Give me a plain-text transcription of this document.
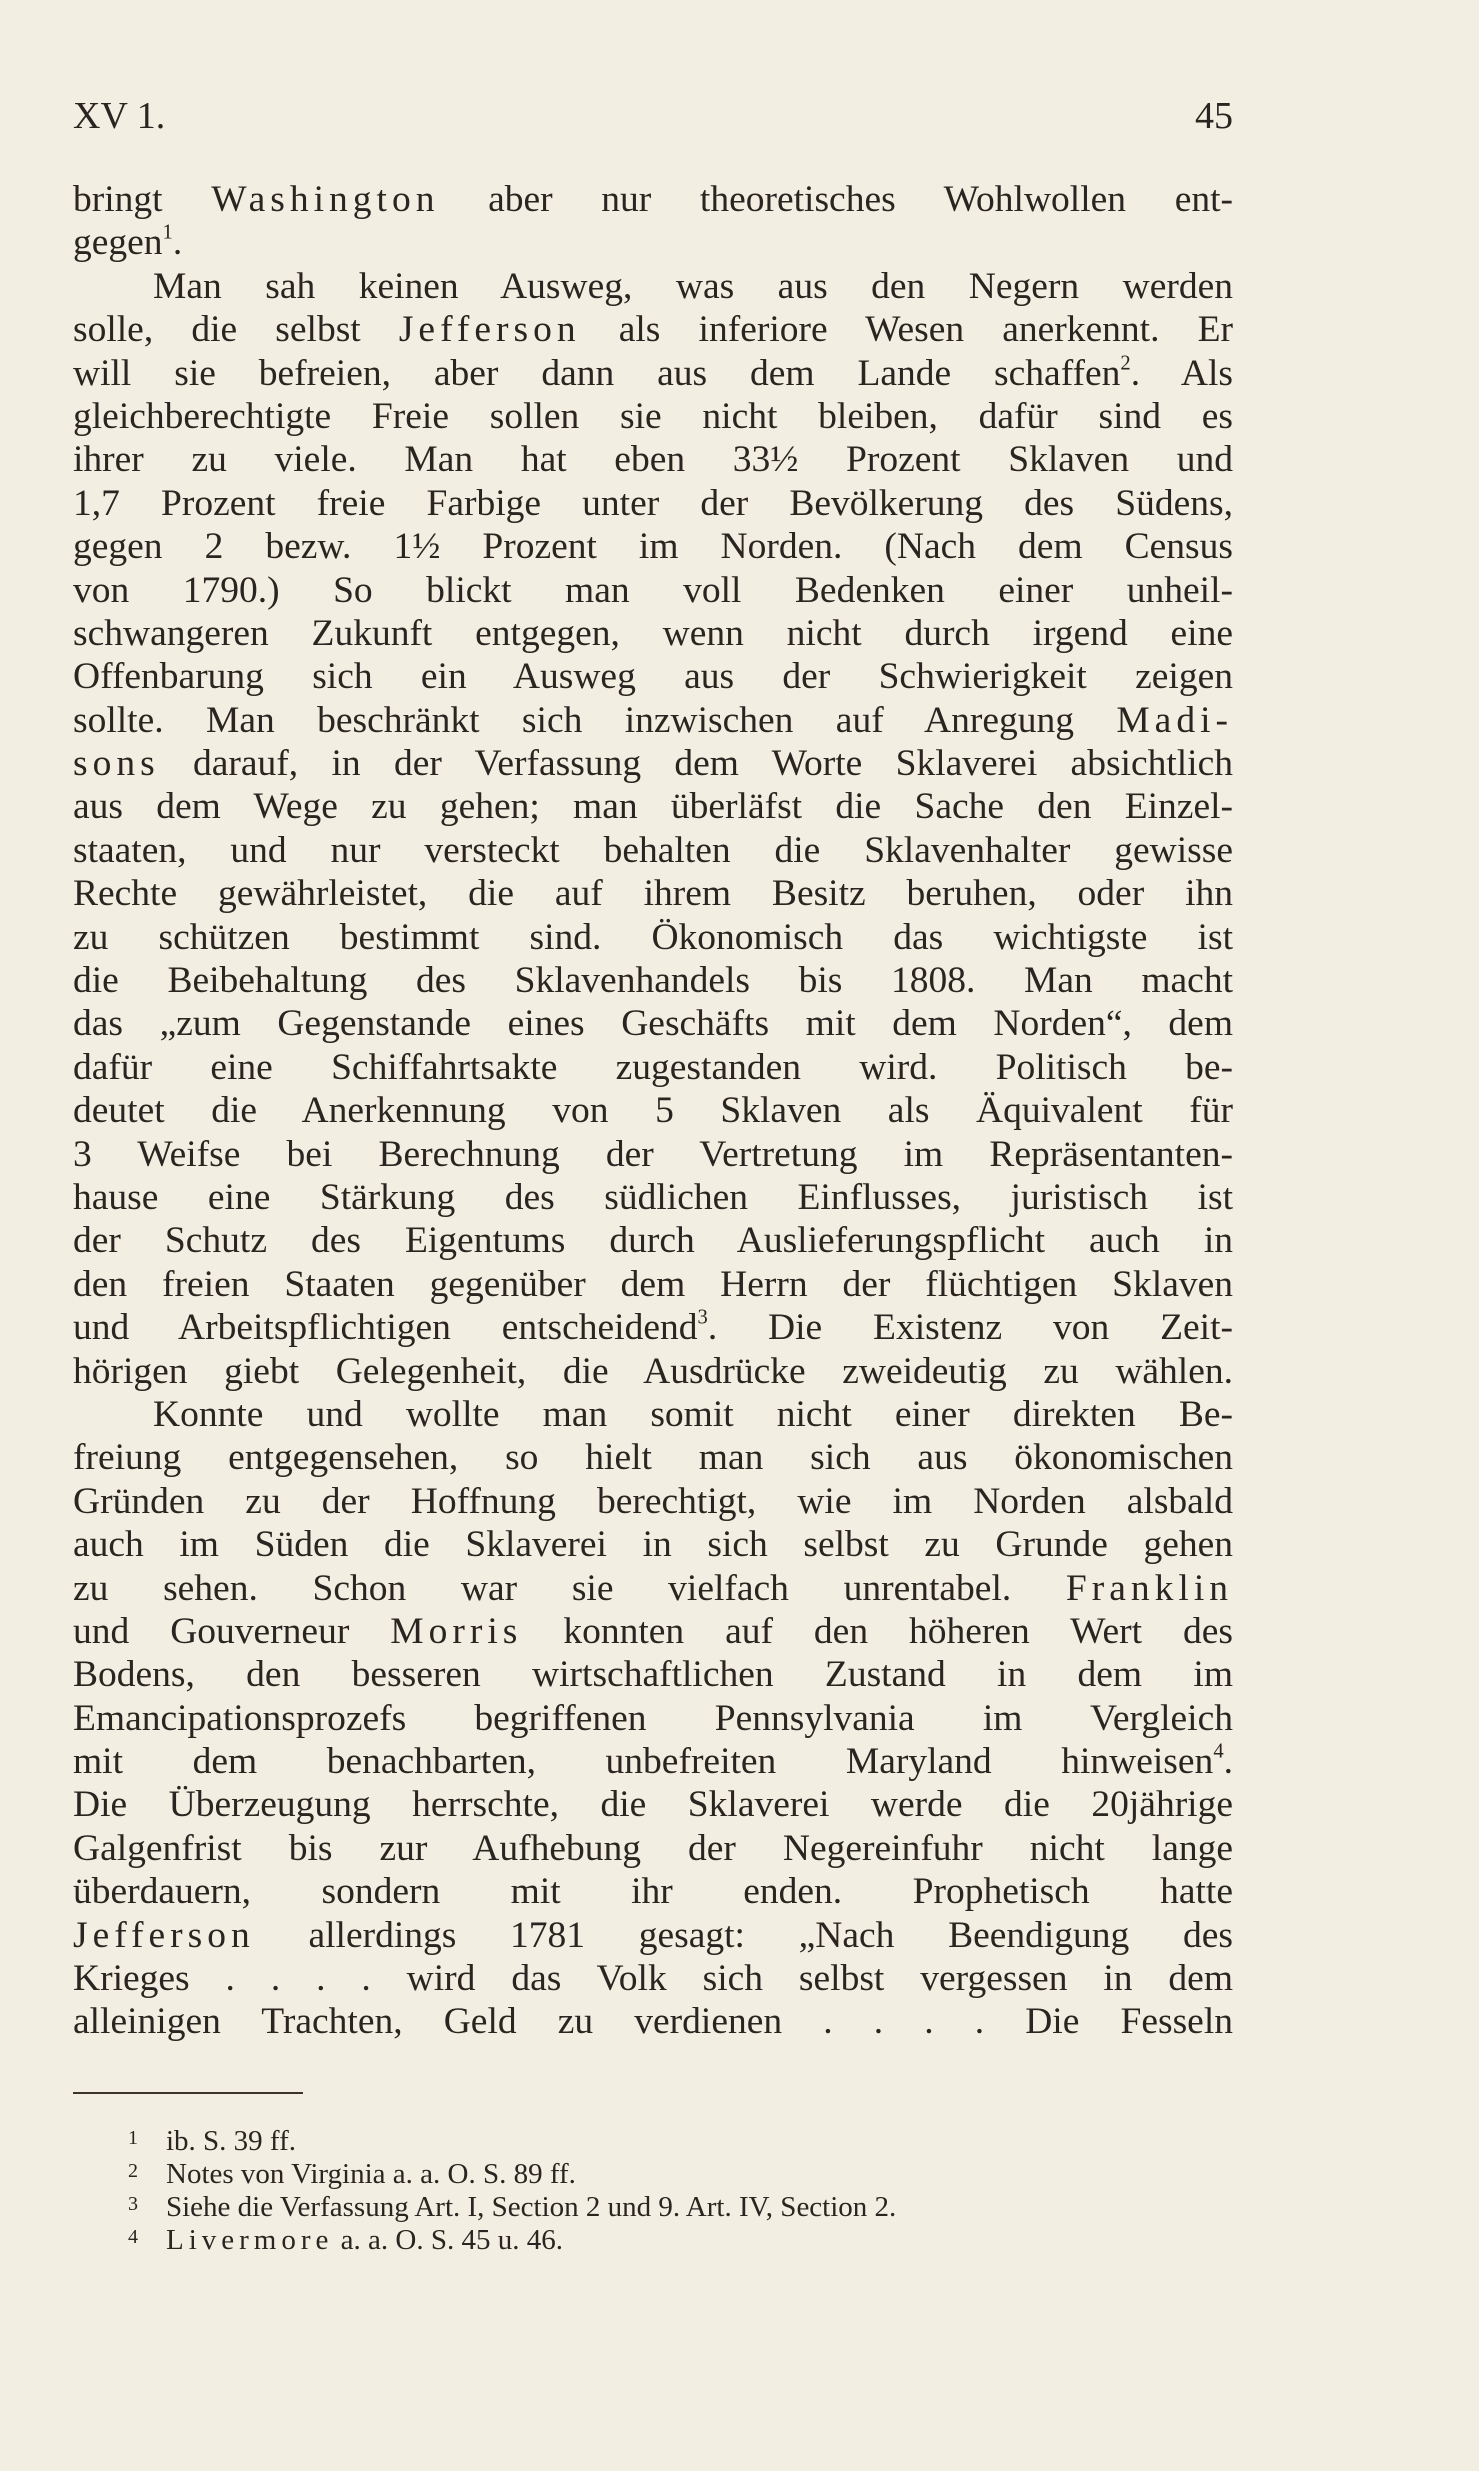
XV 1.	45
bringt Washington aber nur theoretisches Wohlwollen ent-
gegen$^1$.
Man sah keinen Ausweg, was aus den Negern werden
solle, die selbst Jefferson als inferiore Wesen anerkennt. Er
will sie befreien, aber dann aus dem Lande schaffen$^2$. Als
gleichberechtigte Freie sollen sie nicht bleiben, dafür sind es
ihrer zu viele. Man hat eben 33½ Prozent Sklaven und
1,7 Prozent freie Farbige unter der Bevölkerung des Südens,
gegen 2 bezw. 1½ Prozent im Norden. (Nach dem Census
von 1790.) So blickt man voll Bedenken einer unheil-
schwangeren Zukunft entgegen, wenn nicht durch irgend eine
Offenbarung sich ein Ausweg aus der Schwierigkeit zeigen
sollte. Man beschränkt sich inzwischen auf Anregung Madi-
sons darauf, in der Verfassung dem Worte Sklaverei absichtlich
aus dem Wege zu gehen; man überläfst die Sache den Einzel-
staaten, und nur versteckt behalten die Sklavenhalter gewisse
Rechte gewährleistet, die auf ihrem Besitz beruhen, oder ihn
zu schützen bestimmt sind. Ökonomisch das wichtigste ist
die Beibehaltung des Sklavenhandels bis 1808. Man macht
das „zum Gegenstande eines Geschäfts mit dem Norden“, dem
dafür eine Schiffahrtsakte zugestanden wird. Politisch be-
deutet die Anerkennung von 5 Sklaven als Äquivalent für
3 Weifse bei Berechnung der Vertretung im Repräsentanten-
hause eine Stärkung des südlichen Einflusses, juristisch ist
der Schutz des Eigentums durch Auslieferungspflicht auch in
den freien Staaten gegenüber dem Herrn der flüchtigen Sklaven
und Arbeitspflichtigen entscheidend$^3$. Die Existenz von Zeit-
hörigen giebt Gelegenheit, die Ausdrücke zweideutig zu wählen.
Konnte und wollte man somit nicht einer direkten Be-
freiung entgegensehen, so hielt man sich aus ökonomischen
Gründen zu der Hoffnung berechtigt, wie im Norden alsbald
auch im Süden die Sklaverei in sich selbst zu Grunde gehen
zu sehen. Schon war sie vielfach unrentabel. Franklin
und Gouverneur Morris konnten auf den höheren Wert des
Bodens, den besseren wirtschaftlichen Zustand in dem im
Emancipationsprozefs begriffenen Pennsylvania im Vergleich
mit dem benachbarten, unbefreiten Maryland hinweisen$^4$.
Die Überzeugung herrschte, die Sklaverei werde die 20jährige
Galgenfrist bis zur Aufhebung der Negereinfuhr nicht lange
überdauern, sondern mit ihr enden. Prophetisch hatte
Jefferson allerdings 1781 gesagt: „Nach Beendigung des
Krieges . . . . wird das Volk sich selbst vergessen in dem
alleinigen Trachten, Geld zu verdienen . . . . Die Fesseln
1 ib. S. 39 ff.
2 Notes von Virginia a. a. O. S. 89 ff.
3 Siehe die Verfassung Art. I, Section 2 und 9. Art. IV, Section 2.
4 Livermore a. a. O. S. 45 u. 46.
